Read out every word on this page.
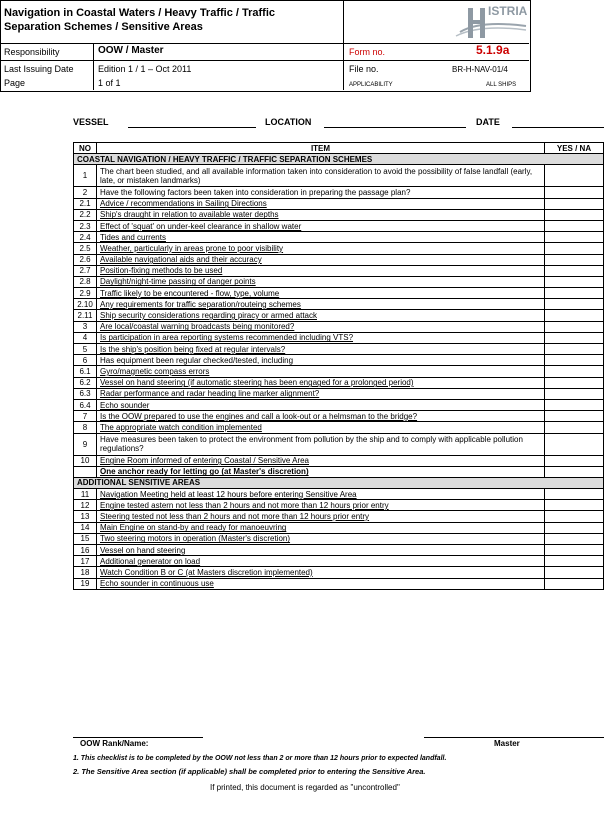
Navigation in Coastal Waters / Heavy Traffic / Traffic Separation Schemes / Sensitive Areas
Responsibility	OOW / Master
Last Issuing Date	Edition 1 / 1 – Oct 2011
Page	1 of 1
Form no.	5.1.9a
File no.	BR-H-NAV-01/4
APPLICABILITY	ALL SHIPS
ISTRIA
VESSEL	LOCATION	DATE
NO	ITEM	YES / NA
COASTAL NAVIGATION / HEAVY TRAFFIC / TRAFFIC SEPARATION SCHEMES		
1	The chart been studied, and all available information taken into consideration to avoid the possibility of false landfall (early, late, or mistaken landmarks)	
2	Have the following factors been taken into consideration in preparing the passage plan?	
2.1	Advice / recommendations in Sailing Directions	
2.2	Ship's draught in relation to available water depths	
2.3	Effect of 'squat' on under-keel clearance in shallow water	
2.4	Tides and currents	
2.5	Weather, particularly in areas prone to poor visibility	
2.6	Available navigational aids and their accuracy	
2.7	Position-fixing methods to be used	
2.8	Daylight/night-time passing of danger points	
2.9	Traffic likely to be encountered - flow, type, volume	
2.10	Any requirements for traffic separation/routeing schemes	
2.11	Ship security considerations regarding piracy or armed attack	
3	Are local/coastal warning broadcasts being monitored?	
4	Is participation in area reporting systems recommended including VTS?	
5	Is the ship's position being fixed at regular intervals?	
6	Has equipment been regular checked/tested, including	
6.1	Gyro/magnetic compass errors	
6.2	Vessel on hand steering (if automatic steering has been engaged for a prolonged period)	
6.3	Radar performance and radar heading line marker alignment?	
6.4	Echo sounder	
7	Is the OOW prepared to use the engines and call a look-out or a helmsman to the bridge?	
8	The appropriate watch condition implemented	
9	Have measures been taken to protect the environment from pollution by the ship and to comply with applicable pollution regulations?	
10	Engine Room informed of entering Coastal / Sensitive Area	
	One anchor ready for letting go (at Master's discretion)	
ADDITIONAL SENSITIVE AREAS		
11	Navigation Meeting held at least 12 hours before entering Sensitive Area	
12	Engine tested astern not less than 2 hours and not more than 12 hours prior entry	
13	Steering tested not less than 2 hours and not more than 12 hours prior entry	
14	Main Engine on stand-by and ready for manoeuvring	
15	Two steering motors in operation (Master's discretion)	
16	Vessel on hand steering	
17	Additional generator on load	
18	Watch Condition B or C (at Masters discretion implemented)	
19	Echo sounder in continuous use	
OOW Rank/Name:	Master
1. This checklist is to be completed by the OOW not less than 2 or more than 12 hours prior to expected landfall.
2. The Sensitive Area section (if applicable) shall be completed prior to entering the Sensitive Area.
If printed, this document is regarded as "uncontrolled"
